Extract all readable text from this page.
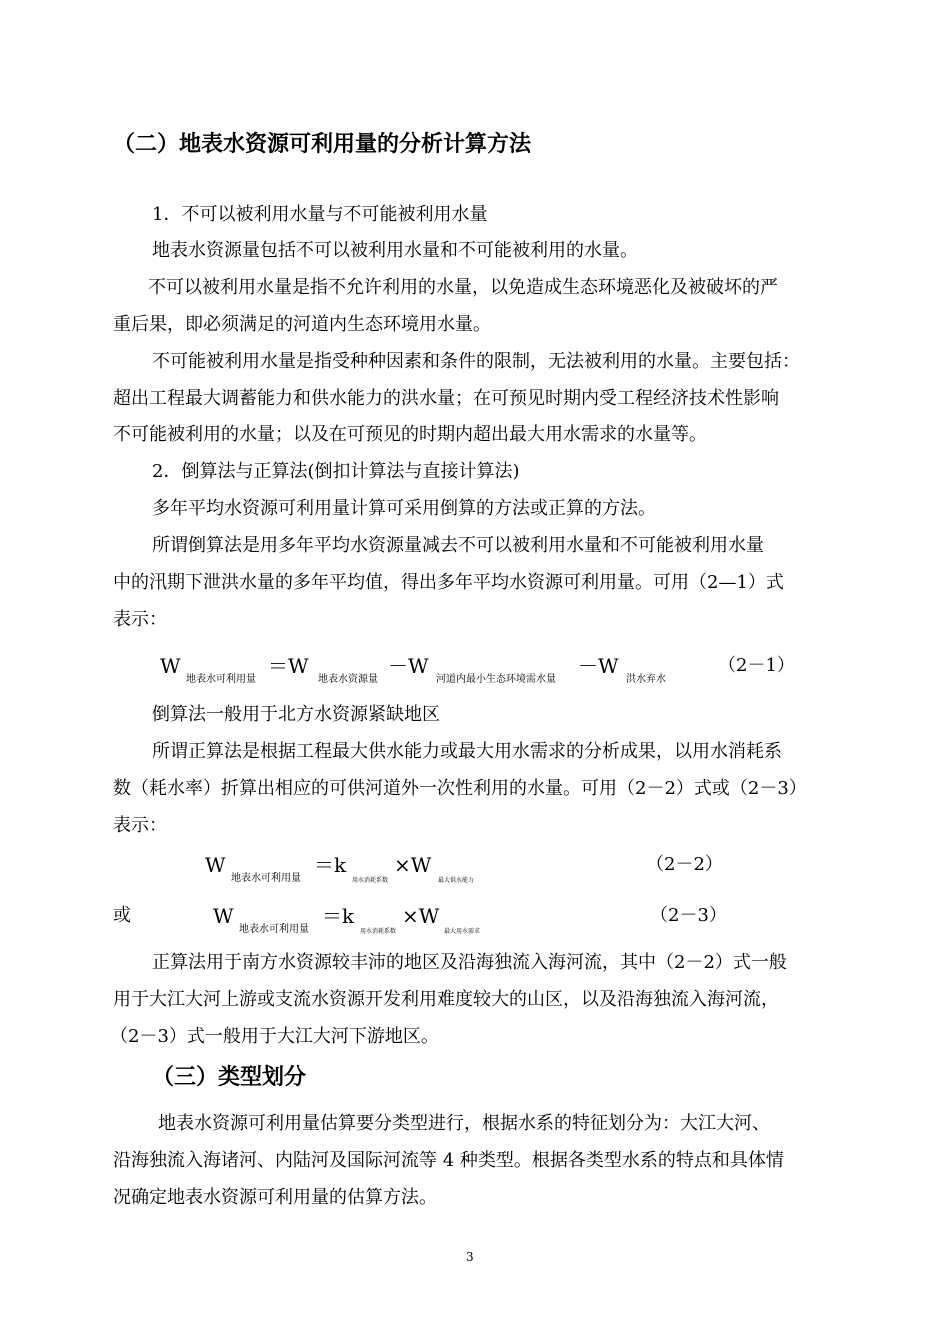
（二）地表水资源可利用量的分析计算方法
1．不可以被利用水量与不可能被利用水量
地表水资源量包括不可以被利用水量和不可能被利用的水量。
不可以被利用水量是指不允许利用的水量，以免造成生态环境恶化及被破坏的严
重后果，即必须满足的河道内生态环境用水量。
不可能被利用水量是指受种种因素和条件的限制，无法被利用的水量。主要包括：
超出工程最大调蓄能力和供水能力的洪水量；在可预见时期内受工程经济技术性影响
不可能被利用的水量；以及在可预见的时期内超出最大用水需求的水量等。
2．倒算法与正算法(倒扣计算法与直接计算法)
多年平均水资源可利用量计算可采用倒算的方法或正算的方法。
所谓倒算法是用多年平均水资源量减去不可以被利用水量和不可能被利用水量
中的汛期下泄洪水量的多年平均值，得出多年平均水资源可利用量。可用（2—1）式
表示：
W
地表水可利用量
＝W
地表水资源量
－W
河道内最小生态环境需水量
－W
洪水弃水
（2－1）
倒算法一般用于北方水资源紧缺地区
所谓正算法是根据工程最大供水能力或最大用水需求的分析成果，以用水消耗系
数（耗水率）折算出相应的可供河道外一次性利用的水量。可用（2－2）式或（2－3）
表示：
W
地表水可利用量
＝k
用水消耗系数
×W
最大供水能力
（2－2）
或	W
地表水可利用量
＝k
用水消耗系数
×W
最大用水需求
（2－3）
正算法用于南方水资源较丰沛的地区及沿海独流入海河流，其中（2－2）式一般
用于大江大河上游或支流水资源开发利用难度较大的山区，以及沿海独流入海河流，
（2－3）式一般用于大江大河下游地区。
（三）类型划分
地表水资源可利用量估算要分类型进行，根据水系的特征划分为：大江大河、
沿海独流入海诸河、内陆河及国际河流等 4 种类型。根据各类型水系的特点和具体情
况确定地表水资源可利用量的估算方法。
3
